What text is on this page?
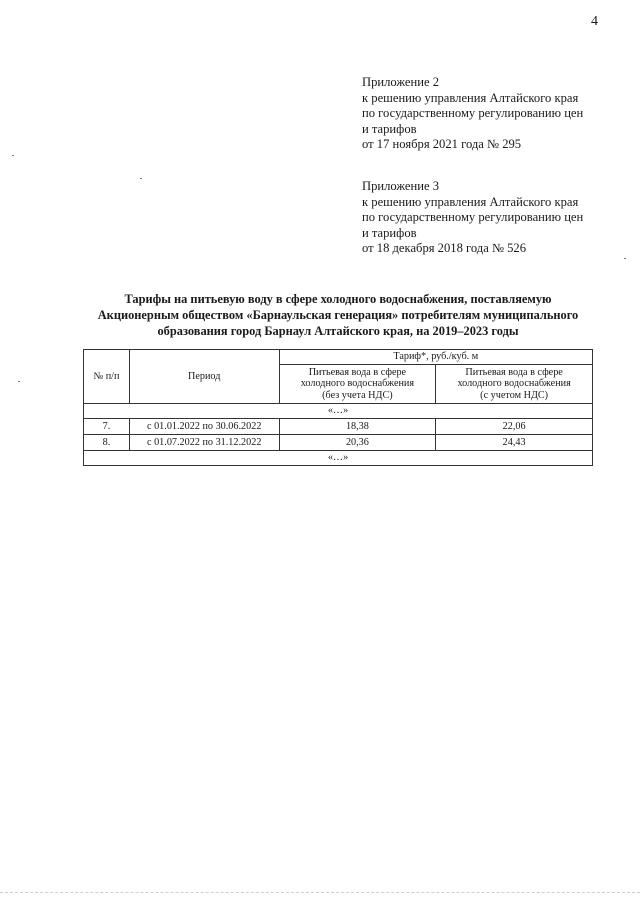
4
Приложение 2
к решению управления Алтайского края
по государственному регулированию цен
и тарифов
от 17 ноября 2021 года № 295
Приложение 3
к решению управления Алтайского края
по государственному регулированию цен
и тарифов
от 18 декабря 2018 года № 526
Тарифы на питьевую воду в сфере холодного водоснабжения, поставляемую
Акционерным обществом «Барнаульская генерация» потребителям муниципального
образования город Барнаул Алтайского края, на 2019–2023 годы
№ п/п	Период	Тариф*, руб./куб. м	
		Питьевая вода в сфере
холодного водоснабжения
(без учета НДС)	Питьевая вода в сфере
холодного водоснабжения
(с учетом НДС)
«…»			
7.	с 01.01.2022 по 30.06.2022	18,38	22,06
8.	с 01.07.2022 по 31.12.2022	20,36	24,43
«…»			
